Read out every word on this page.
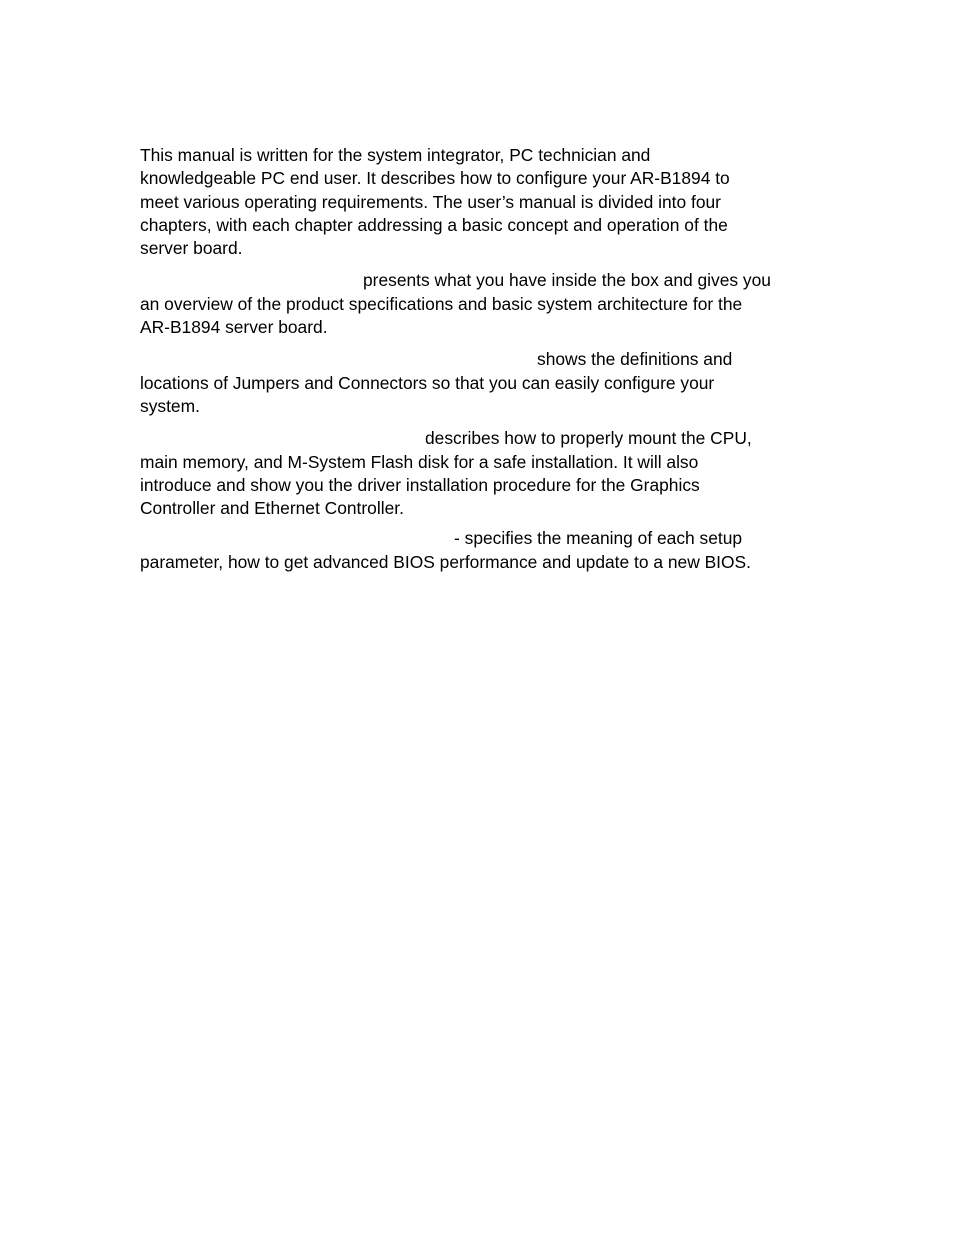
This manual is written for the system integrator, PC technician and
knowledgeable PC end user. It describes how to configure your AR-B1894 to
meet various operating requirements. The user’s manual is divided into four
chapters, with each chapter addressing a basic concept and operation of the
server board.

presents what you have inside the box and gives you
an overview of the product specifications and basic system architecture for the
AR-B1894 server board.

shows the definitions and
locations of Jumpers and Connectors so that you can easily configure your
system.

describes how to properly mount the CPU,
main memory, and M-System Flash disk for a safe installation. It will also
introduce and show you the driver installation procedure for the Graphics
Controller and Ethernet Controller.

- specifies the meaning of each setup
parameter, how to get advanced BIOS performance and update to a new BIOS.
